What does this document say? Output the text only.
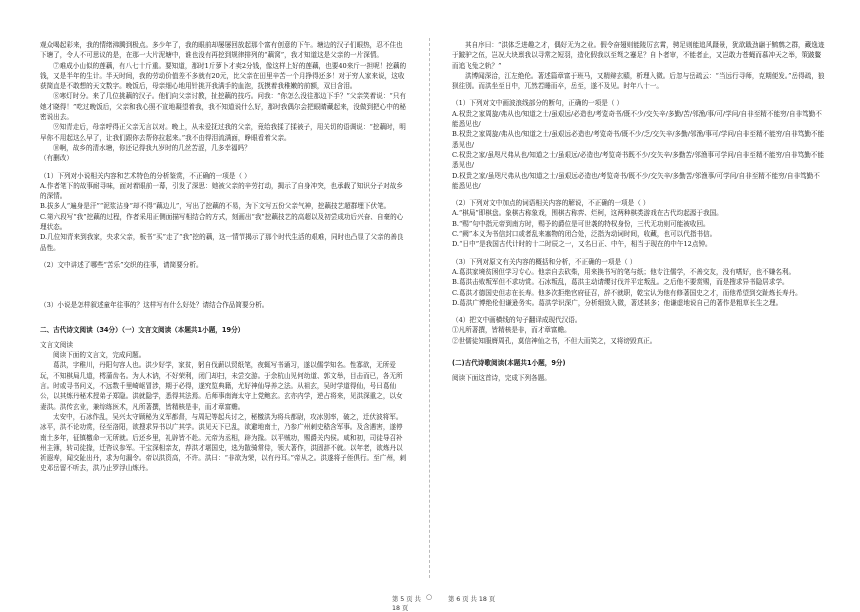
观众喝起彩来，我的情绪沸腾到极点。多少年了，我的眼前却屡屡回放起那个富有创意的下午。塘边的汉子们眼热，忍不住也下塘了，令人不可思议的是，在那一大片泥塘中，谁也没有再挖到规律排列的“藕窝”，我才知道这是父亲的一片深情。

⑦难成小山似的莲藕，有八七十斤重。要知道，那时1斤萝卜才卖2分钱，像这样上好的莲藕，也要40来斤一担呢！挖藕的钱，又是半年的生计。半天时间，我的劳动价值差不多就有20元，比父亲在田里辛苦一个月挣得还多！对于穷人家来说，这收获简直是不敢想的天文数字。晚饭后，母亲细心地用针挑开我满手的血泡，抚摸着我稚嫩的前额，双目含泪。

⑧寒灯时分。来了几位挑藕的汉子。他们向父亲讨教，扯挖藕的技巧。问我：“你怎么没往那边下手？”父亲笑着说：“只有她才晓得！”吃过晚饭后，父亲和我心照不宣地凝望着我，我不知道说什么好，那时我偶尔会把眼睛藏起来，没做到把心中的秘密说出去。

⑨知青走后，母亲呼得正父亲无言以对。晚上，从未爱抚过我的父亲，竟给我揉了揉被子，用关切的语调说：“挖藕时，明早你不用起这么早了，让我们跟你去帮你拉起来。”我不由得泪流满面，睁眼看着父亲。

⑩啊，故乡的清水塘，你还记得我九岁时的几丝苦涩，几多幸福吗？

（有删改）

（1）下列对小说相关内容和艺术特色的分析鉴赏，不正确的一项是（ ）

A.作者笔下的故事耐寻味，面对着眼前一幕，引发了深思：她被父亲的辛劳打动，揭示了自身冲突，也承载了知识分子对故乡的深情。

B.拔多人“遍身是汗”“泥浆沾身”却不得“藕边儿”，写出了挖藕的不易，为下文写五份父亲气神，挖藕技艺超群埋下伏笔。

C.第六段写“我”挖藕的过程，作者采用正侧面描写相结合的方式，刻画出“我”挖藕技艺的高超以及初尝成功后兴奋、自豪的心理状态。

D.几位知青来到我家，央求父亲，板书“买”走了“我”挖的藕，这一情节揭示了那个时代生活的艰难，同时也凸显了父亲的善良品性。

（2）文中讲述了哪些“苦乐”交织的往事，请简要分析。

（3）小说是怎样叙述童年往事的？这样写有什么好处？请结合作品简要分析。

二、古代诗文阅读（34分）（一）文言文阅读（本题共1小题，19分）

文言文阅读

阅读下面的文言文，完成问题。

葛洪，字稚川，丹阳句容人也。洪少好学，家贫，躬自伐薪以贸纸笔，夜辄写书诵习，遂以儒学知名。性寡欲，无所爱玩，不知棋局几道，樗蒲齿名。为人木讷，不好荣利，闭门却扫，未尝交游。于余杭山见何幼道、郭文举，目击而已，各无所言。时或寻书问义，不远数千里崎岖冒涉，期于必得，遂究览典籍，尤好神仙导养之法。从祖玄，吴时学道得仙，号曰葛仙公，以其炼丹秘术授弟子郑隐。洪就隐学，悉得其法焉。后师事南海太守上党鲍玄。玄亦内学，逆占将来，见洪深重之，以女妻洪。洪传玄业，兼综练医术，凡所著撰，皆精核是非，而才章富赡。

太安中，石冰作乱，吴兴太守顾秘为义军都督，与周玘等起兵讨之，秘檄洪为将兵都尉，攻冰别率，破之，迁伏波将军。冰平，洪不论功赏，径至洛阳，欲搜求异书以广其学。洪见天下已乱，欲避地南土，乃参广州刺史嵇含军事。及含遇害，遂停南土多年，征镇檄命一无所就。后还乡里，礼辟皆不赴。元帝为丞相，辟为掾。以平贼功，赐爵关内侯。咸和初，司徒导召补州主簿，转司徒掾，迁咨议参军。干宝深相亲友，荐洪才堪国史，选为散骑常侍，领大著作，洪固辞不就。以年老，欲炼丹以祈遐寿，闻交阯出丹，求为句漏令。帝以洪资高，不许。洪曰：“非欲为荣，以有丹耳。”帝从之。洪遂将子侄俱行。至广州，刺史邓岳留不听去，洪乃止罗浮山炼丹。

第 5 页 共 18 页
○

其自序曰：“洪体乏进趣之才，偶好无为之业。假令奋翅则能陵厉玄霄，骋足则能追风蹑景，犹欲戢劲翮于鹪鹩之群，藏逸迹于跛驴之伍，岂况大块禀我以寻常之短羽，造化假我以至驽之蹇足？自卜者审，不能者止，又岂敢力苍蝇而慕冲天之举，策跛鳖而追飞兔之轨？”

洪博闻深洽，江左绝伦。著述篇章富于班马，又精辩玄赜，析理入微。后忽与岳疏云：“当远行寻师，克期便发。”岳得疏，狼狈往别。而洪坐至日中，兀然若睡而卒，岳至，遂不及见。时年八十一。

（1）下列对文中画波浪线部分的断句，正确的一项是（ ）

A.权贵之家周旋/弗从也/知道之士/虽艰远/必造也/考览奇书/既不少/交矢辛/多勤/苦/邻渔/事/可/学问/自非至精不能穷/自非笃勤不能悉见也/

B.权贵之家周旋/弗从也/知道之士/虽艰远必造也/考览奇书/既不少/乏/交矢辛/多勤/邻渔/事可/学问/自非至精不能穷/自非笃勤不能悉见也/

C.权贵之家/虽咫尺弗从也/知道之士/虽艰远/必造也/考览奇书既不少/交矢辛/多勤苦/邻渔事可学问/自非至精不能穷/自非笃勤不能悉见也/

D.权贵之家/虽咫尺弗从也/知道之士/虽艰远必造也/考览奇书/既不少/交矢辛/多勤苦/邻渔事/可学问/自非至精不能穷/自非笃勤不能悉见也/

（2）下列对文中加点的词语相关内容的解说，不正确的一项是（ ）

A.“棋局”即棋盘。象棋古称象戏，围棋古称弈、烂柯，这两种棋类游戏在古代均起源于我国。

B.“赐”句中指元帝到南方时，赐予的爵位是可世袭的特权身份，三代无功则可能被收回。

C.“阙”本义为书信封口或者乱来塞物的闭合处，泛指为动词时间，收藏，也可以代指书信。

D.“日中”是我国古代计时的十二时辰之一，又名日正、中午，相当于现在的中午12点钟。

（3）下列对原文有关内容的概括和分析，不正确的一项是（ ）

A.葛洪家境贫困但学习专心。他亲自去砍柴，用来换书写的笔与纸；他专注儒学，不善交友，没有嗜好，也不嫌名利。

B.葛洪击败叛军但不求功赏。石冰叛乱，葛洪主动请缨讨伐并平定叛乱。之后他不要赏赐，而是搜求异书隐居求学。

C.葛洪才德国史但志在长寿。他多次拒绝官府征召，辞不就职，乾宝认为他有修著国史之才，而他希望到交趾炼长寿丹。

D.葛洪广博绝伦但谦逊务实。葛洪学识深广，分析细致入微，著述甚多；他谦虚地说自己的著作是粗草长生之理。

（4）把文中画横线的句子翻译成现代汉语。

①凡所著撰，皆精核是非，而才章富赡。

②世儒徒知服膺周孔，莫信神仙之书，不但大而笑之，又将谤毁真正。

(二)古代诗歌阅读(本题共1小题，9分)

阅读下面这首诗，完成下列各题。

第 6 页 共 18 页
